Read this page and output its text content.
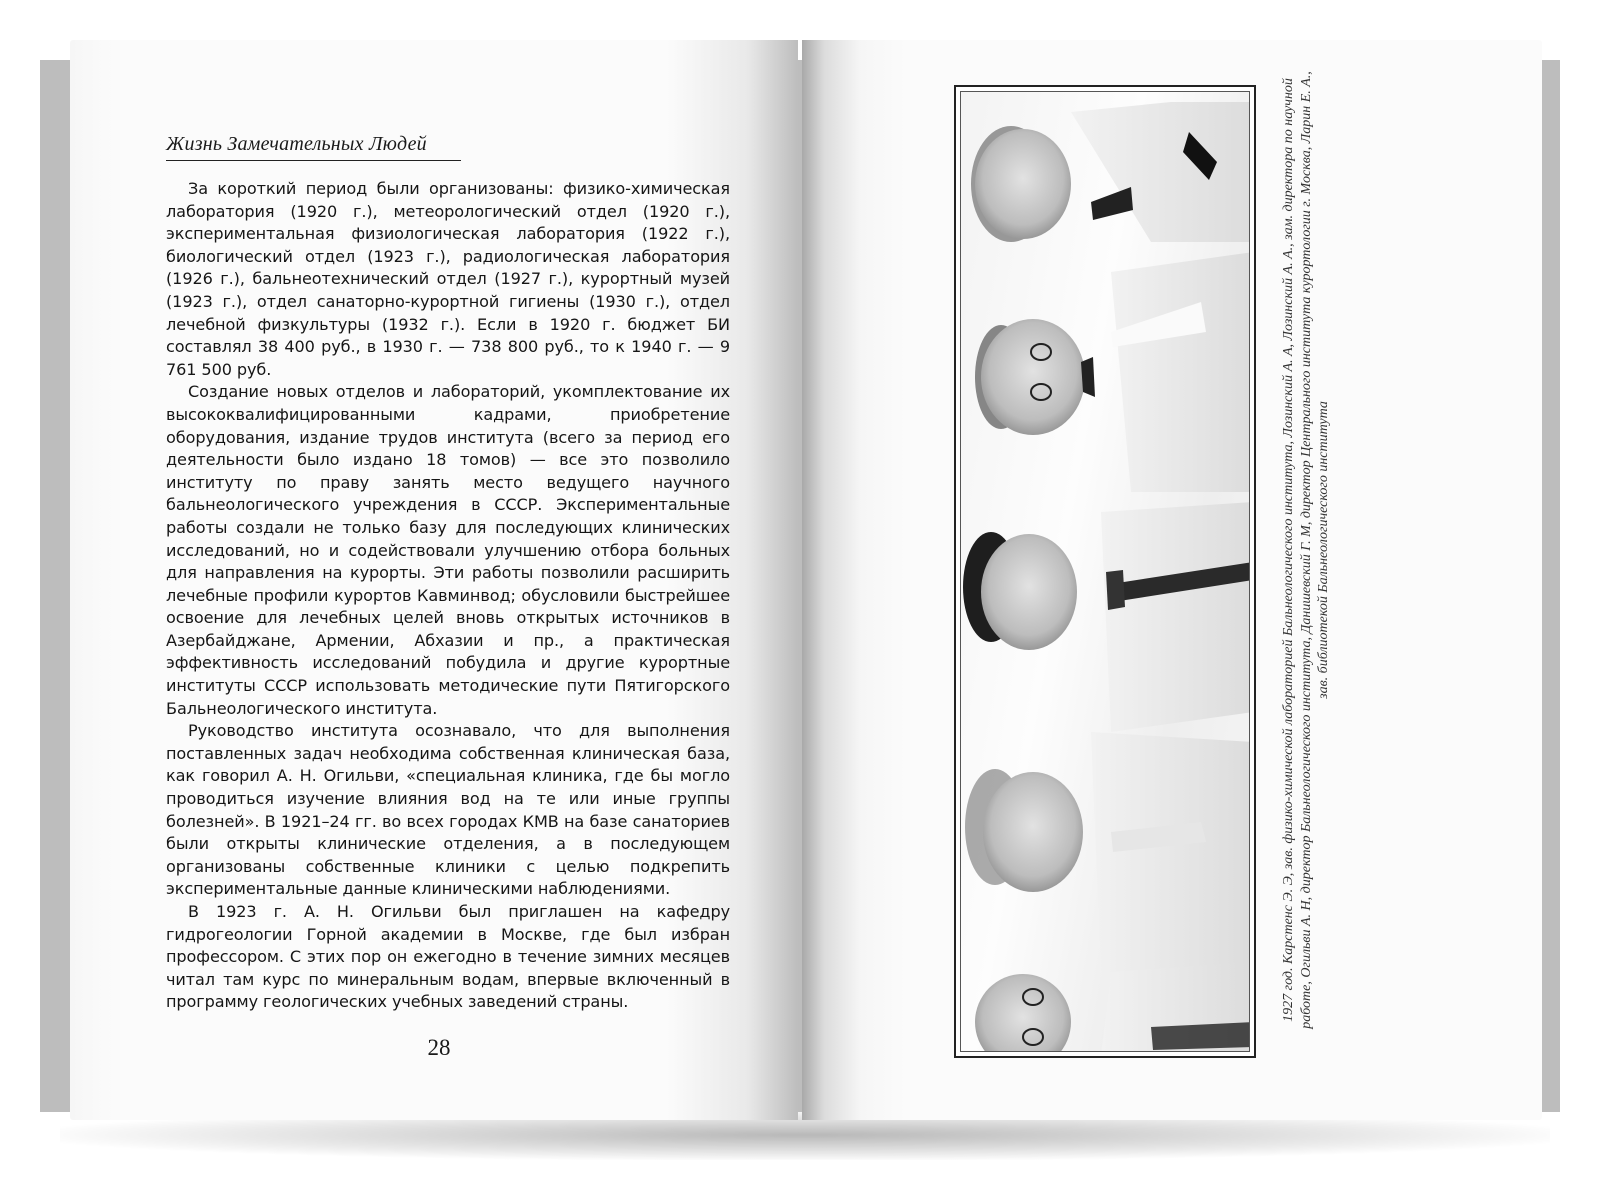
Жизнь Замечательных Людей

За короткий период были организованы: физико-химическая лаборатория (1920 г.), метеорологический отдел (1920 г.), экспериментальная физиологическая лаборатория (1922 г.), биологический отдел (1923 г.), радиологическая лаборатория (1926 г.), бальнеотехнический отдел (1927 г.), курортный музей (1923 г.), отдел санаторно-курортной гигиены (1930 г.), отдел лечебной физкультуры (1932 г.). Если в 1920 г. бюджет БИ составлял 38 400 руб., в 1930 г. — 738 800 руб., то к 1940 г. — 9 761 500 руб.

Создание новых отделов и лабораторий, укомплектование их высококвалифицированными кадрами, приобретение оборудования, издание трудов института (всего за период его деятельности было издано 18 томов) — все это позволило институту по праву занять место ведущего научного бальнеологического учреждения в СССР. Экспериментальные работы создали не только базу для последующих клинических исследований, но и содействовали улучшению отбора больных для направления на курорты. Эти работы позволили расширить лечебные профили курортов Кавминвод; обусловили быстрейшее освоение для лечебных целей вновь открытых источников в Азербайджане, Армении, Абхазии и пр., а практическая эффективность исследований побудила и другие курортные институты СССР использовать методические пути Пятигорского Бальнеологического института.

Руководство института осознавало, что для выполнения поставленных задач необходима собственная клиническая база, как говорил А. Н. Огильви, «специальная клиника, где бы могло проводиться изучение влияния вод на те или иные группы болезней». В 1921–24 гг. во всех городах КМВ на базе санаториев были открыты клинические отделения, а в последующем организованы собственные клиники с целью подкрепить экспериментальные данные клиническими наблюдениями.

В 1923 г. А. Н. Огильви был приглашен на кафедру гидрогеологии Горной академии в Москве, где был избран профессором. С этих пор он ежегодно в течение зимних месяцев читал там курс по минеральным водам, впервые включенный в программу геологических учебных заведений страны.

28
1927 год. Карстенс Э. Э, зав. физико-химической лабораторией Бальнеологического института, Лозинский А. А, Лозинский А. А., зам. директора по научной работе, Огильви А. Н, директор Бальнеологического института, Данишевский Г. М, директор Центрального института курортологии г. Москва, Ларин Е. А., зав. библиотекой Бальнеологического института
